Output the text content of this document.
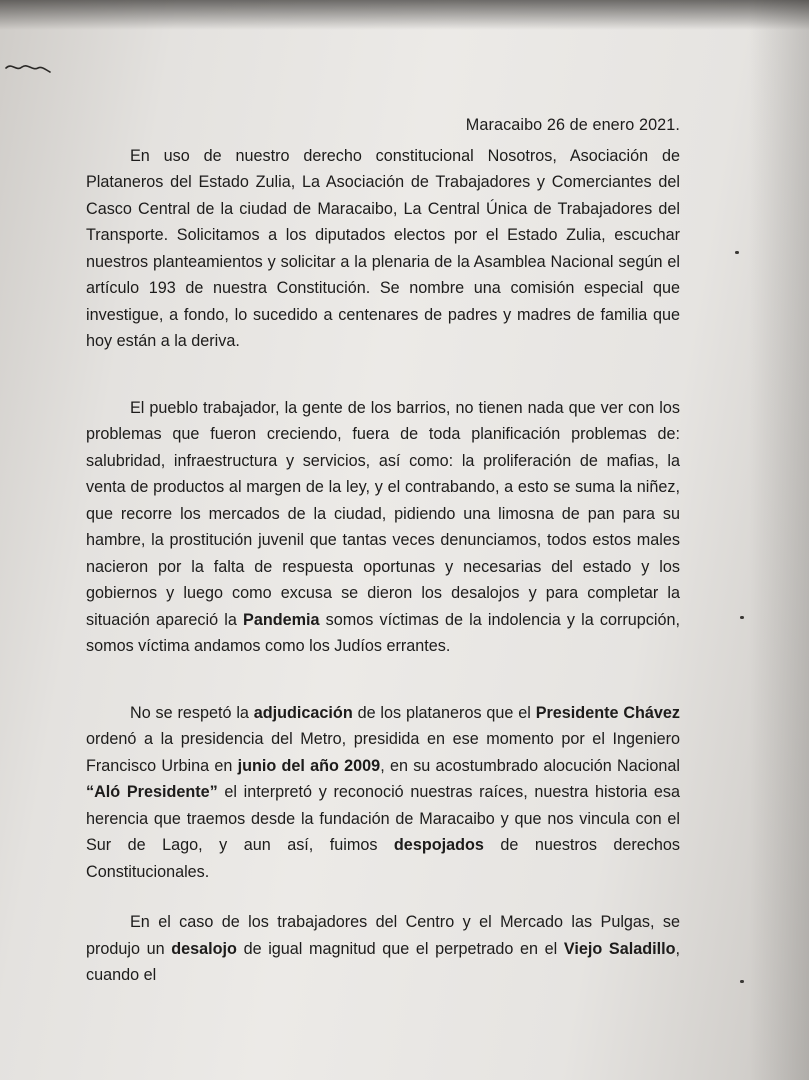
Maracaibo 26 de enero 2021.

En uso de nuestro derecho constitucional Nosotros, Asociación de Plataneros del Estado Zulia, La Asociación de Trabajadores y Comerciantes del Casco Central de la ciudad de Maracaibo, La Central Única de Trabajadores del Transporte. Solicitamos a los diputados electos por el Estado Zulia, escuchar nuestros planteamientos y solicitar a la plenaria de la Asamblea Nacional según el artículo 193 de nuestra Constitución. Se nombre una comisión especial que investigue, a fondo, lo sucedido a centenares de padres y madres de familia que hoy están a la deriva.

El pueblo trabajador, la gente de los barrios, no tienen nada que ver con los problemas que fueron creciendo, fuera de toda planificación problemas de: salubridad, infraestructura y servicios, así como: la proliferación de mafias, la venta de productos al margen de la ley, y el contrabando, a esto se suma la niñez, que recorre los mercados de la ciudad, pidiendo una limosna de pan para su hambre, la prostitución juvenil que tantas veces denunciamos, todos estos males nacieron por la falta de respuesta oportunas y necesarias del estado y los gobiernos y luego como excusa se dieron los desalojos y para completar la situación apareció la Pandemia somos víctimas de la indolencia y la corrupción, somos víctima andamos como los Judíos errantes.

No se respetó la adjudicación de los plataneros que el Presidente Chávez ordenó a la presidencia del Metro, presidida en ese momento por el Ingeniero Francisco Urbina en junio del año 2009, en su acostumbrado alocución Nacional “Aló Presidente” el interpretó y reconoció nuestras raíces, nuestra historia esa herencia que traemos desde la fundación de Maracaibo y que nos vincula con el Sur de Lago, y aun así, fuimos despojados de nuestros derechos Constitucionales.

En el caso de los trabajadores del Centro y el Mercado las Pulgas, se produjo un desalojo de igual magnitud que el perpetrado en el Viejo Saladillo, cuando el
